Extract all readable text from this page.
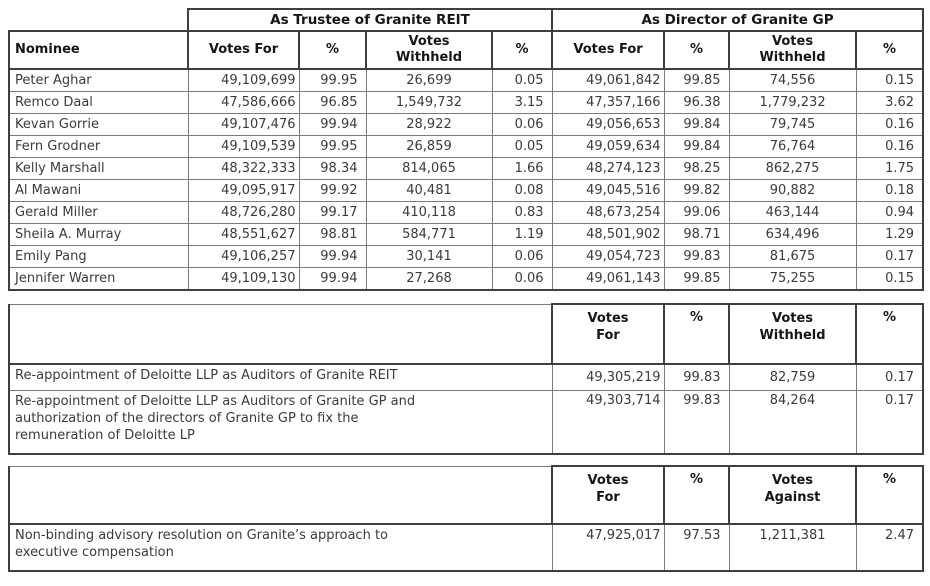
	As Trustee of Granite REIT				As Director of Granite GP			
Nominee	Votes For	%	Votes Withheld	%	Votes For	%	Votes Withheld	%
Peter Aghar	49,109,699	99.95	26,699	0.05	49,061,842	99.85	74,556	0.15
Remco Daal	47,586,666	96.85	1,549,732	3.15	47,357,166	96.38	1,779,232	3.62
Kevan Gorrie	49,107,476	99.94	28,922	0.06	49,056,653	99.84	79,745	0.16
Fern Grodner	49,109,539	99.95	26,859	0.05	49,059,634	99.84	76,764	0.16
Kelly Marshall	48,322,333	98.34	814,065	1.66	48,274,123	98.25	862,275	1.75
Al Mawani	49,095,917	99.92	40,481	0.08	49,045,516	99.82	90,882	0.18
Gerald Miller	48,726,280	99.17	410,118	0.83	48,673,254	99.06	463,144	0.94
Sheila A. Murray	48,551,627	98.81	584,771	1.19	48,501,902	98.71	634,496	1.29
Emily Pang	49,106,257	99.94	30,141	0.06	49,054,723	99.83	81,675	0.17
Jennifer Warren	49,109,130	99.94	27,268	0.06	49,061,143	99.85	75,255	0.15
	Votes For	%	Votes Withheld	%
Re-appointment of Deloitte LLP as Auditors of Granite REIT	49,305,219	99.83	82,759	0.17
Re-appointment of Deloitte LLP as Auditors of Granite GP and authorization of the directors of Granite GP to fix the remuneration of Deloitte LP	49,303,714	99.83	84,264	0.17
	Votes For	%	Votes Against	%
Non-binding advisory resolution on Granite’s approach to executive compensation	47,925,017	97.53	1,211,381	2.47
